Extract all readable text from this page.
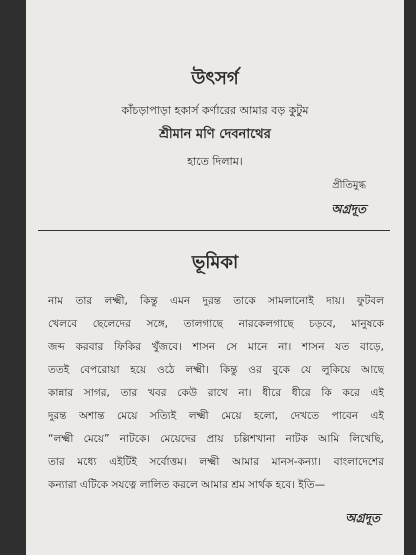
উৎসর্গ
কাঁচড়াপাড়া হকার্স কর্ণারের আমার বড় কুটুম
শ্রীমান মণি দেবনাথের
হাতে দিলাম।
প্রীতিমুগ্ধ
অগ্রদূত
ভূমিকা
নাম তার লক্ষ্মী, কিন্তু এমন দুরন্ত তাকে সামলানোই দায়। ফুটবল
খেলবে ছেলেদের সঙ্গে, তালগাছে নারকেলগাছে চড়বে, মানুষকে
জব্দ করবার ফিকির খুঁজবে। শাসন সে মানে না। শাসন যত বাড়ে,
ততই বেপরোয়া হয়ে ওঠে লক্ষ্মী। কিন্তু ওর বুকে যে লুকিয়ে আছে
কান্নার সাগর, তার খবর কেউ রাখে না। ধীরে ধীরে কি করে এই
দুরন্ত অশান্ত মেয়ে সত্যিই লক্ষ্মী মেয়ে হলো, দেখতে পাবেন এই
“লক্ষ্মী মেয়ে” নাটকে। মেয়েদের প্রায় চল্লিশখানা নাটক আমি লিখেছি,
তার মধ্যে এইটিই সর্বোত্তম। লক্ষ্মী আমার মানস-কন্যা। বাংলাদেশের
কন্যারা এটিকে সযত্নে লালিত করলে আমার শ্রম সার্থক হবে। ইতি—
অগ্রদূত
